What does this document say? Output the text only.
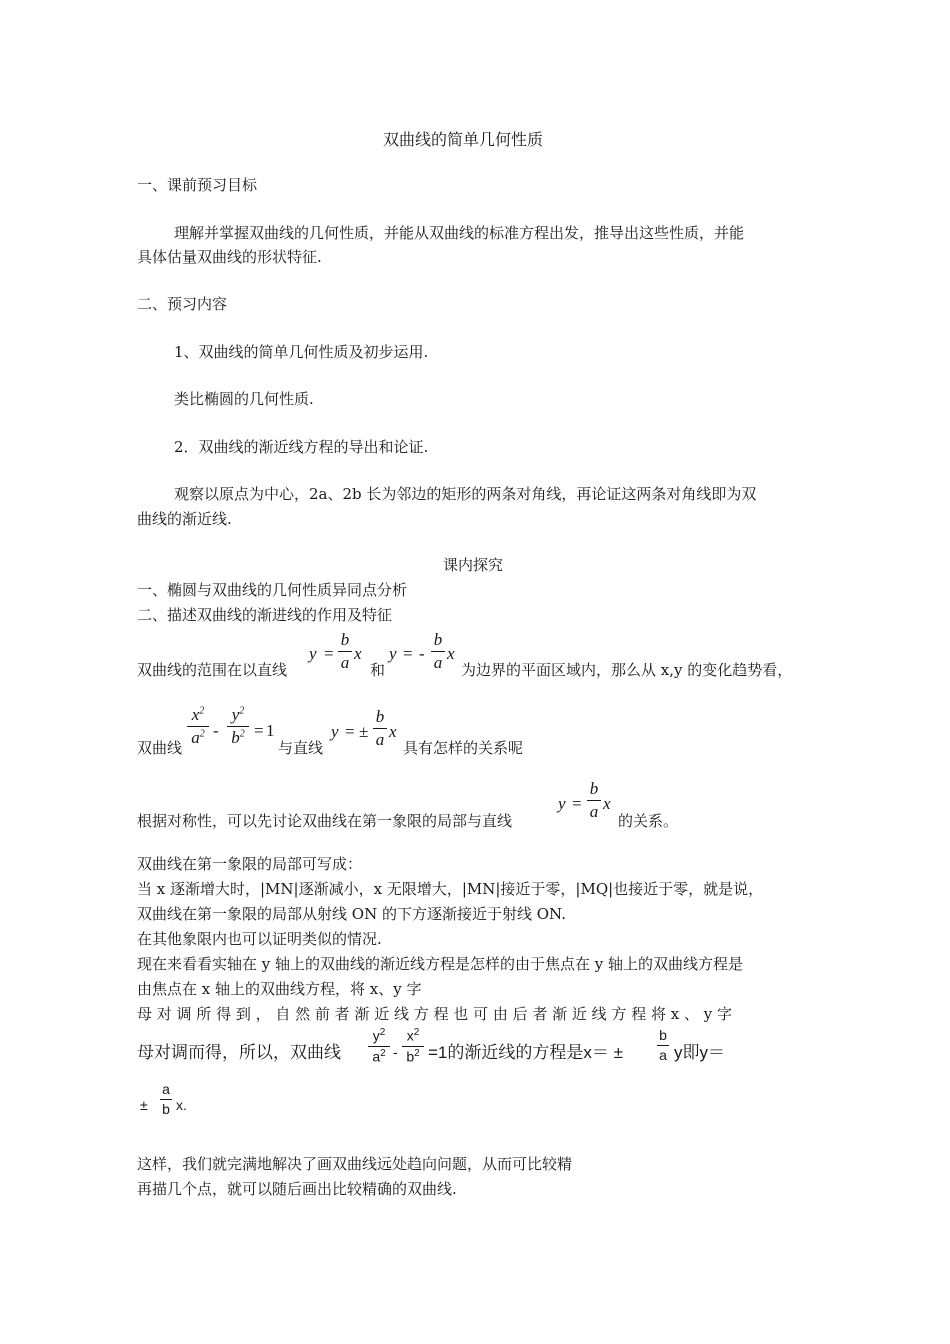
双曲线的简单几何性质
一、课前预习目标
理解并掌握双曲线的几何性质，并能从双曲线的标准方程出发，推导出这些性质，并能
具体估量双曲线的形状特征.
二、预习内容
1、双曲线的简单几何性质及初步运用.
类比椭圆的几何性质.
2．双曲线的渐近线方程的导出和论证.
观察以原点为中心，2a、2b 长为邻边的矩形的两条对角线，再论证这两条对角线即为双
曲线的渐近线.
课内探究
一、椭圆与双曲线的几何性质异同点分析
二、描述双曲线的渐进线的作用及特征
双曲线的范围在以直线
y =
b
a x
和
y = -
b
a x
为边界的平面区域内，那么从 x,y 的变化趋势看，
双曲线
$x^2$
$a^2$ -
$y^2$
$b^2 = 1$
与直线
y = ±
b
a x
具有怎样的关系呢
根据对称性，可以先讨论双曲线在第一象限的局部与直线
y =
b
a x
的关系。
双曲线在第一象限的局部可写成：
当 x 逐渐增大时，|MN|逐渐减小，x 无限增大，|MN|接近于零，|MQ|也接近于零，就是说，
双曲线在第一象限的局部从射线 ON 的下方逐渐接近于射线 ON.
在其他象限内也可以证明类似的情况.
现在来看看实轴在 y 轴上的双曲线的渐近线方程是怎样的由于焦点在 y 轴上的双曲线方程是
由焦点在 x 轴上的双曲线方程，将 x、y 字
母 对 调 所 得 到 ， 自 然 前 者 渐 近 线 方 程 也 可 由 后 者 渐 近 线 方 程 将 x 、 y 字
母对调而得，所以，双曲线
$y^2$
$a^2$ -
$x^2$
$b^2 =1$的渐近线的方程是x＝ ±
b
a y即y＝
±
a
b x.
这样，我们就完满地解决了画双曲线远处趋向问题，从而可比较精
再描几个点，就可以随后画出比较精确的双曲线.
